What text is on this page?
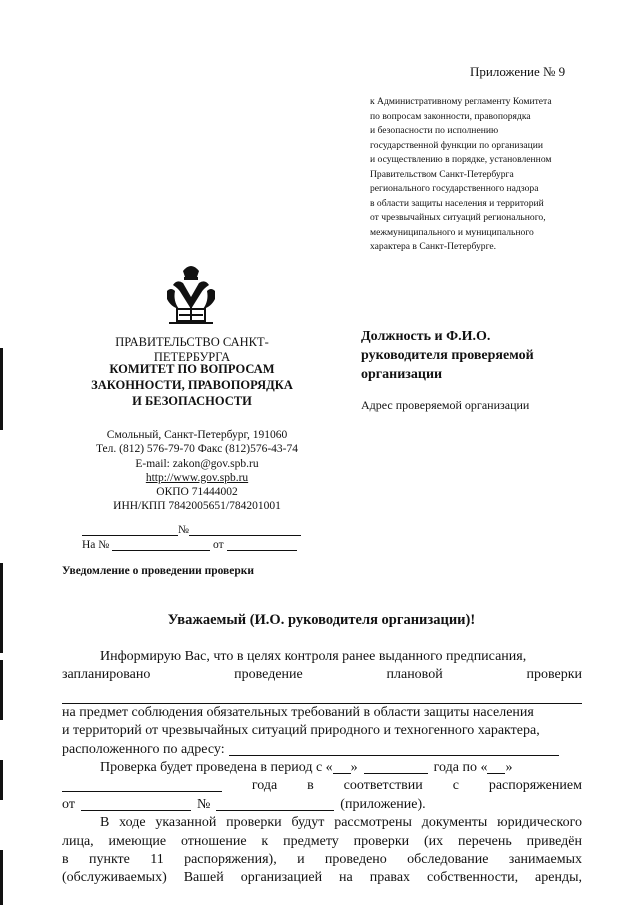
Приложение № 9
к Административному регламенту Комитета
по вопросам законности, правопорядка
и безопасности по исполнению
государственной функции по организации
и осуществлению в порядке, установленном
Правительством Санкт-Петербурга
регионального государственного надзора
в области защиты населения и территорий
от чрезвычайных ситуаций регионального,
межмуниципального и муниципального
характера в Санкт-Петербурге.
ПРАВИТЕЛЬСТВО САНКТ-ПЕТЕРБУРГА
КОМИТЕТ ПО ВОПРОСАМ
ЗАКОННОСТИ, ПРАВОПОРЯДКА
И БЕЗОПАСНОСТИ
Смольный, Санкт-Петербург, 191060
Тел. (812) 576-79-70 Факс (812)576-43-74
E-mail: zakon@gov.spb.ru
http://www.gov.spb.ru
ОКПО 71444002
ИНН/КПП 7842005651/784201001
№
На №	от
Должность и Ф.И.О.
руководителя проверяемой
организации
Адрес проверяемой организации
Уведомление о проведении проверки
Уважаемый (И.О. руководителя организации)!
Информирую Вас, что в целях контроля ранее выданного предписания,
запланировано	проведение	плановой	проверки
на предмет соблюдения обязательных требований в области защиты населения
и территорий от чрезвычайных ситуаций природного и техногенного характера,
расположенного по адресу:
Проверка будет проведена в период с « »	года по « »
года в соответствии с распоряжением
от	№	(приложение).
В ходе указанной проверки будут рассмотрены документы юридического
лица, имеющие отношение к предмету проверки (их перечень приведён
в пункте 11 распоряжения), и проведено обследование занимаемых
(обслуживаемых) Вашей организацией на правах собственности, аренды,
